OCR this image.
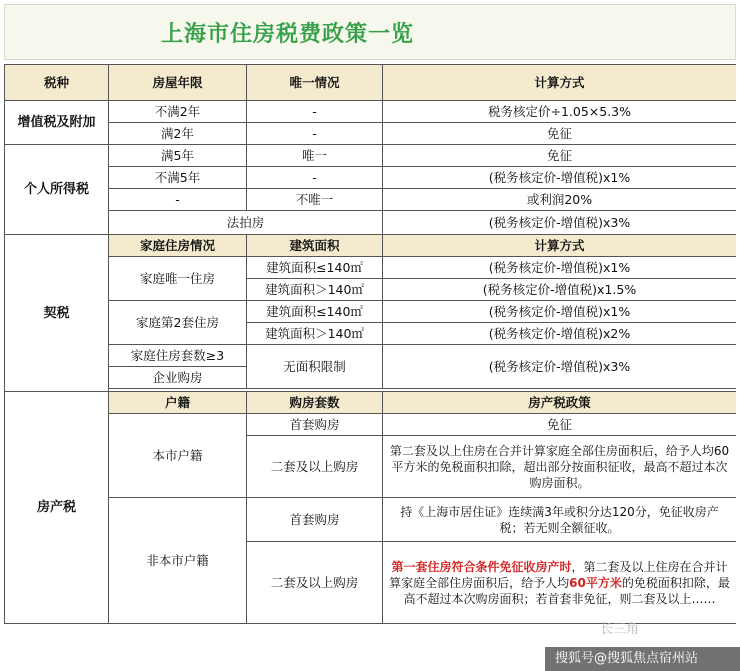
上海市住房税费政策一览
税种	房屋年限	唯一情况	计算方式
增值税及附加	不满2年	-	税务核定价÷1.05×5.3%
	满2年	-	免征
个人所得税	满5年	唯一	免征
	不满5年	-	(税务核定价-增值税)x1%
	-	不唯一	或利润20%
	法拍房		(税务核定价-增值税)x3%
契税	家庭住房情况	建筑面积	计算方式
	家庭唯一住房	建筑面积≤140㎡	(税务核定价-增值税)x1%
		建筑面积＞140㎡	(税务核定价-增值税)x1.5%
	家庭第2套住房	建筑面积≤140㎡	(税务核定价-增值税)x1%
		建筑面积＞140㎡	(税务核定价-增值税)x2%
	家庭住房套数≥3	无面积限制	(税务核定价-增值税)x3%
	企业购房		

房产税	户籍	购房套数	房产税政策
	本市户籍	首套购房	免征
		二套及以上购房	第二套及以上住房在合并计算家庭全部住房面积后，给予人均60平方米的免税面积扣除，超出部分按面积征收，最高不超过本次购房面积。
	非本市户籍	首套购房	持《上海市居住证》连续满3年或积分达120分，免征收房产税；若无则全额征收。
		二套及以上购房	第一套住房符合条件免征收房产时，第二套及以上住房在合并计算家庭全部住房面积后，给予人均60平方米的免税面积扣除，最高不超过本次购房面积；若首套非免征，则二套及以上……
长三角
搜狐号@搜狐焦点宿州站
